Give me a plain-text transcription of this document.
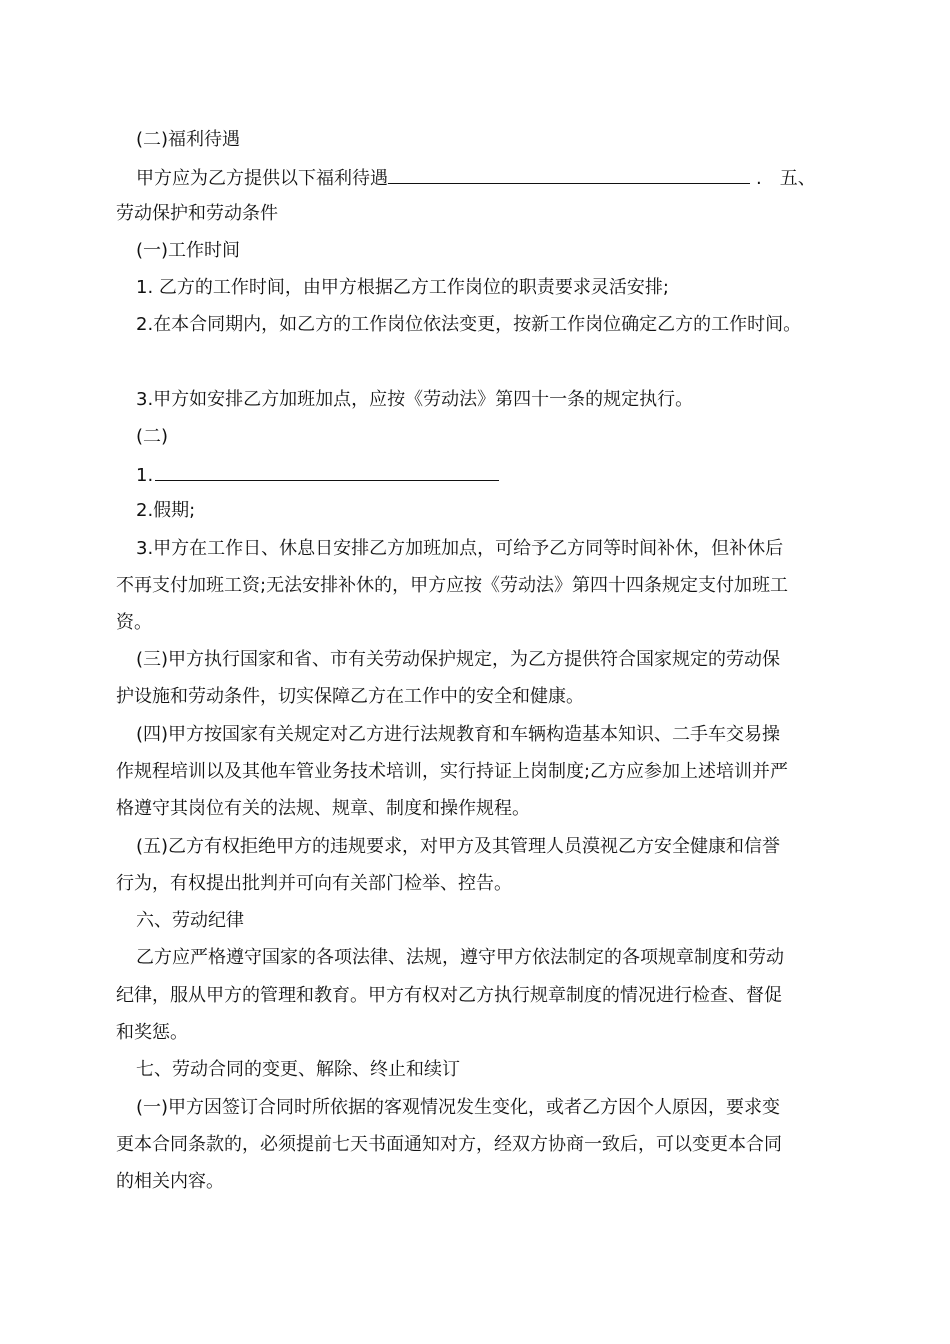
(二)福利待遇
甲方应为乙方提供以下福利待遇	. 五、
劳动保护和劳动条件
(一)工作时间
1. 乙方的工作时间，由甲方根据乙方工作岗位的职责要求灵活安排;
2.在本合同期内，如乙方的工作岗位依法变更，按新工作岗位确定乙方的工作时间。
3.甲方如安排乙方加班加点，应按《劳动法》第四十一条的规定执行。
(二)
1.
2.假期;
3.甲方在工作日、休息日安排乙方加班加点，可给予乙方同等时间补休，但补休后
不再支付加班工资;无法安排补休的，甲方应按《劳动法》第四十四条规定支付加班工
资。
(三)甲方执行国家和省、市有关劳动保护规定，为乙方提供符合国家规定的劳动保
护设施和劳动条件，切实保障乙方在工作中的安全和健康。
(四)甲方按国家有关规定对乙方进行法规教育和车辆构造基本知识、二手车交易操
作规程培训以及其他车管业务技术培训，实行持证上岗制度;乙方应参加上述培训并严
格遵守其岗位有关的法规、规章、制度和操作规程。
(五)乙方有权拒绝甲方的违规要求，对甲方及其管理人员漠视乙方安全健康和信誉
行为，有权提出批判并可向有关部门检举、控告。
六、劳动纪律
乙方应严格遵守国家的各项法律、法规，遵守甲方依法制定的各项规章制度和劳动
纪律，服从甲方的管理和教育。甲方有权对乙方执行规章制度的情况进行检查、督促
和奖惩。
七、劳动合同的变更、解除、终止和续订
(一)甲方因签订合同时所依据的客观情况发生变化，或者乙方因个人原因，要求变
更本合同条款的，必须提前七天书面通知对方，经双方协商一致后，可以变更本合同
的相关内容。
